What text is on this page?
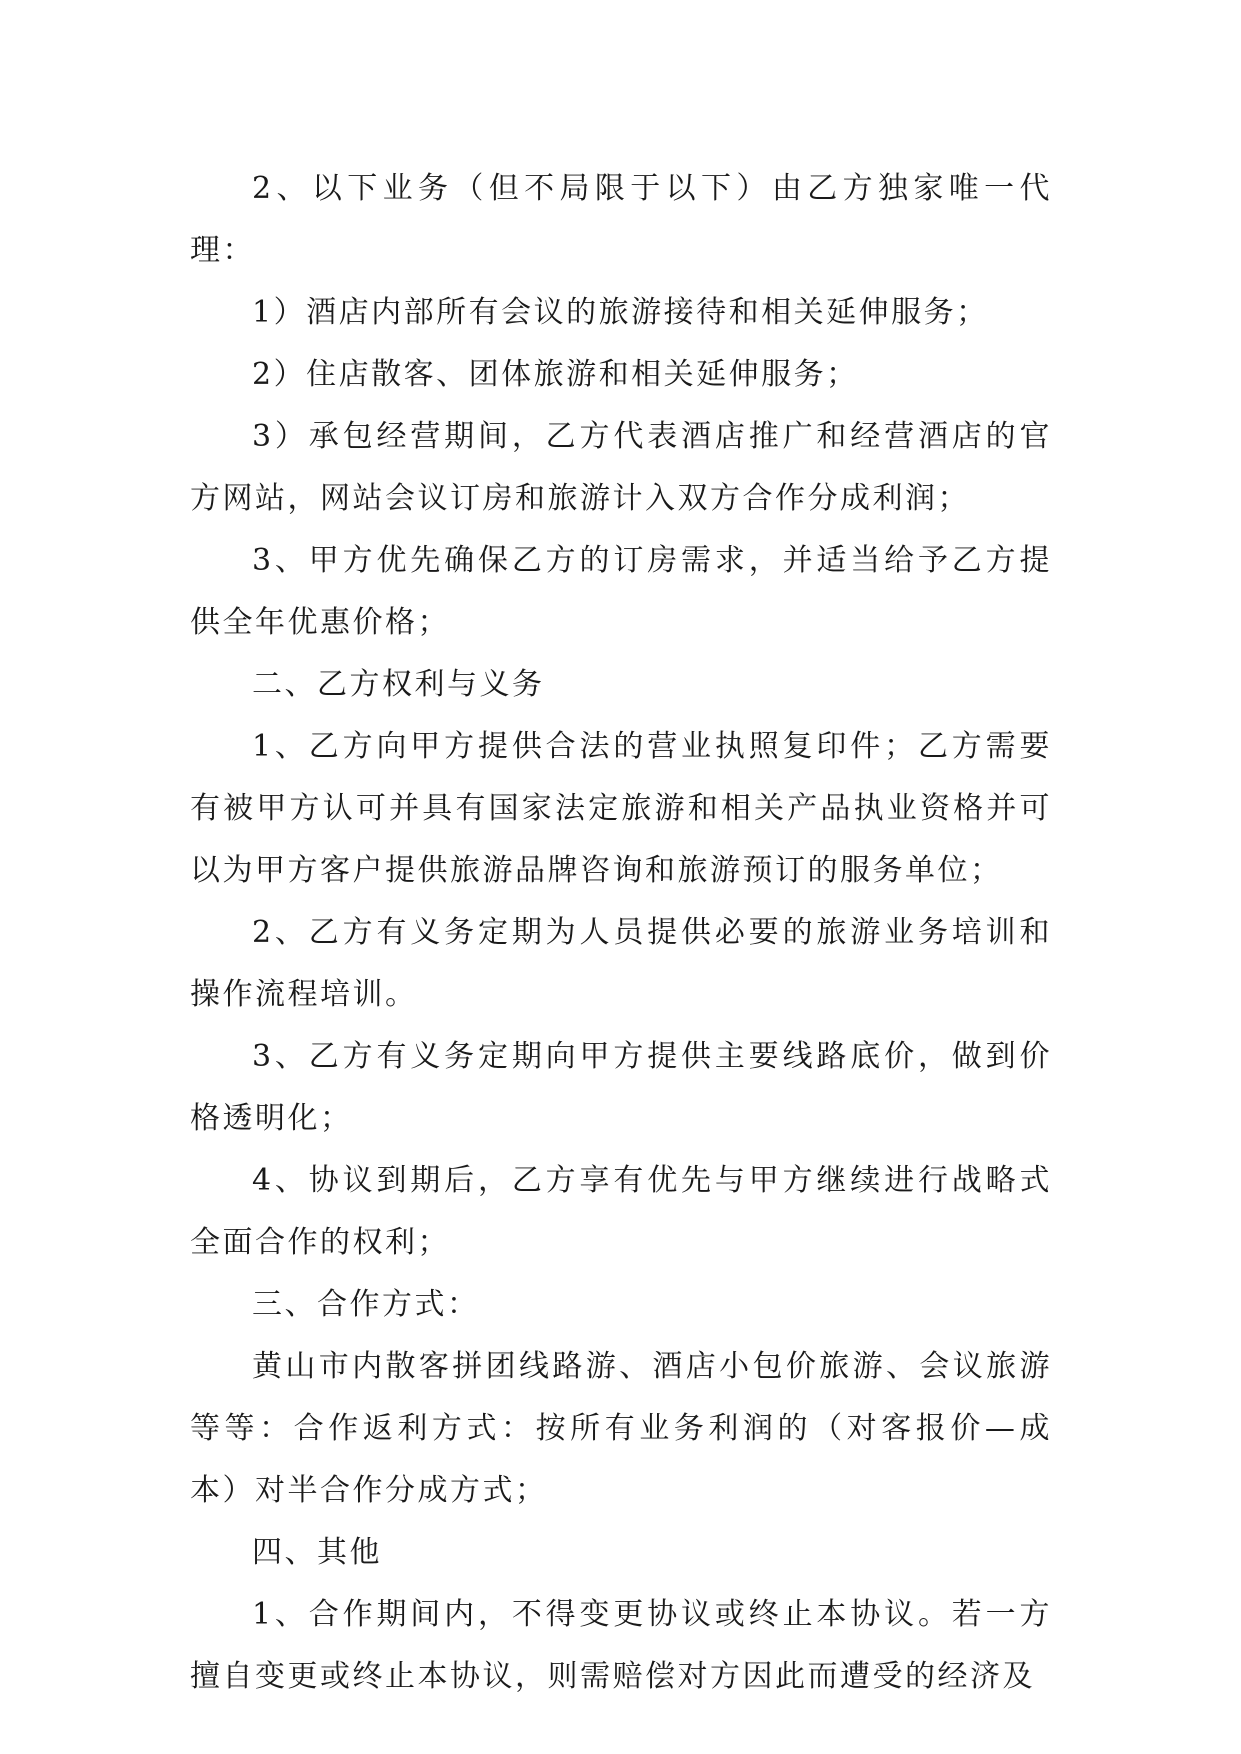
2、以下业务（但不局限于以下）由乙方独家唯一代理：

1）酒店内部所有会议的旅游接待和相关延伸服务；

2）住店散客、团体旅游和相关延伸服务；

3）承包经营期间，乙方代表酒店推广和经营酒店的官方网站，网站会议订房和旅游计入双方合作分成利润；

3、甲方优先确保乙方的订房需求，并适当给予乙方提供全年优惠价格；

二、乙方权利与义务

1、乙方向甲方提供合法的营业执照复印件；乙方需要有被甲方认可并具有国家法定旅游和相关产品执业资格并可以为甲方客户提供旅游品牌咨询和旅游预订的服务单位；

2、乙方有义务定期为人员提供必要的旅游业务培训和操作流程培训。

3、乙方有义务定期向甲方提供主要线路底价，做到价格透明化；

4、协议到期后，乙方享有优先与甲方继续进行战略式全面合作的权利；

三、合作方式：

黄山市内散客拼团线路游、酒店小包价旅游、会议旅游等等：合作返利方式：按所有业务利润的（对客报价—成本）对半合作分成方式；

四、其他

1、合作期间内，不得变更协议或终止本协议。若一方擅自变更或终止本协议，则需赔偿对方因此而遭受的经济及
